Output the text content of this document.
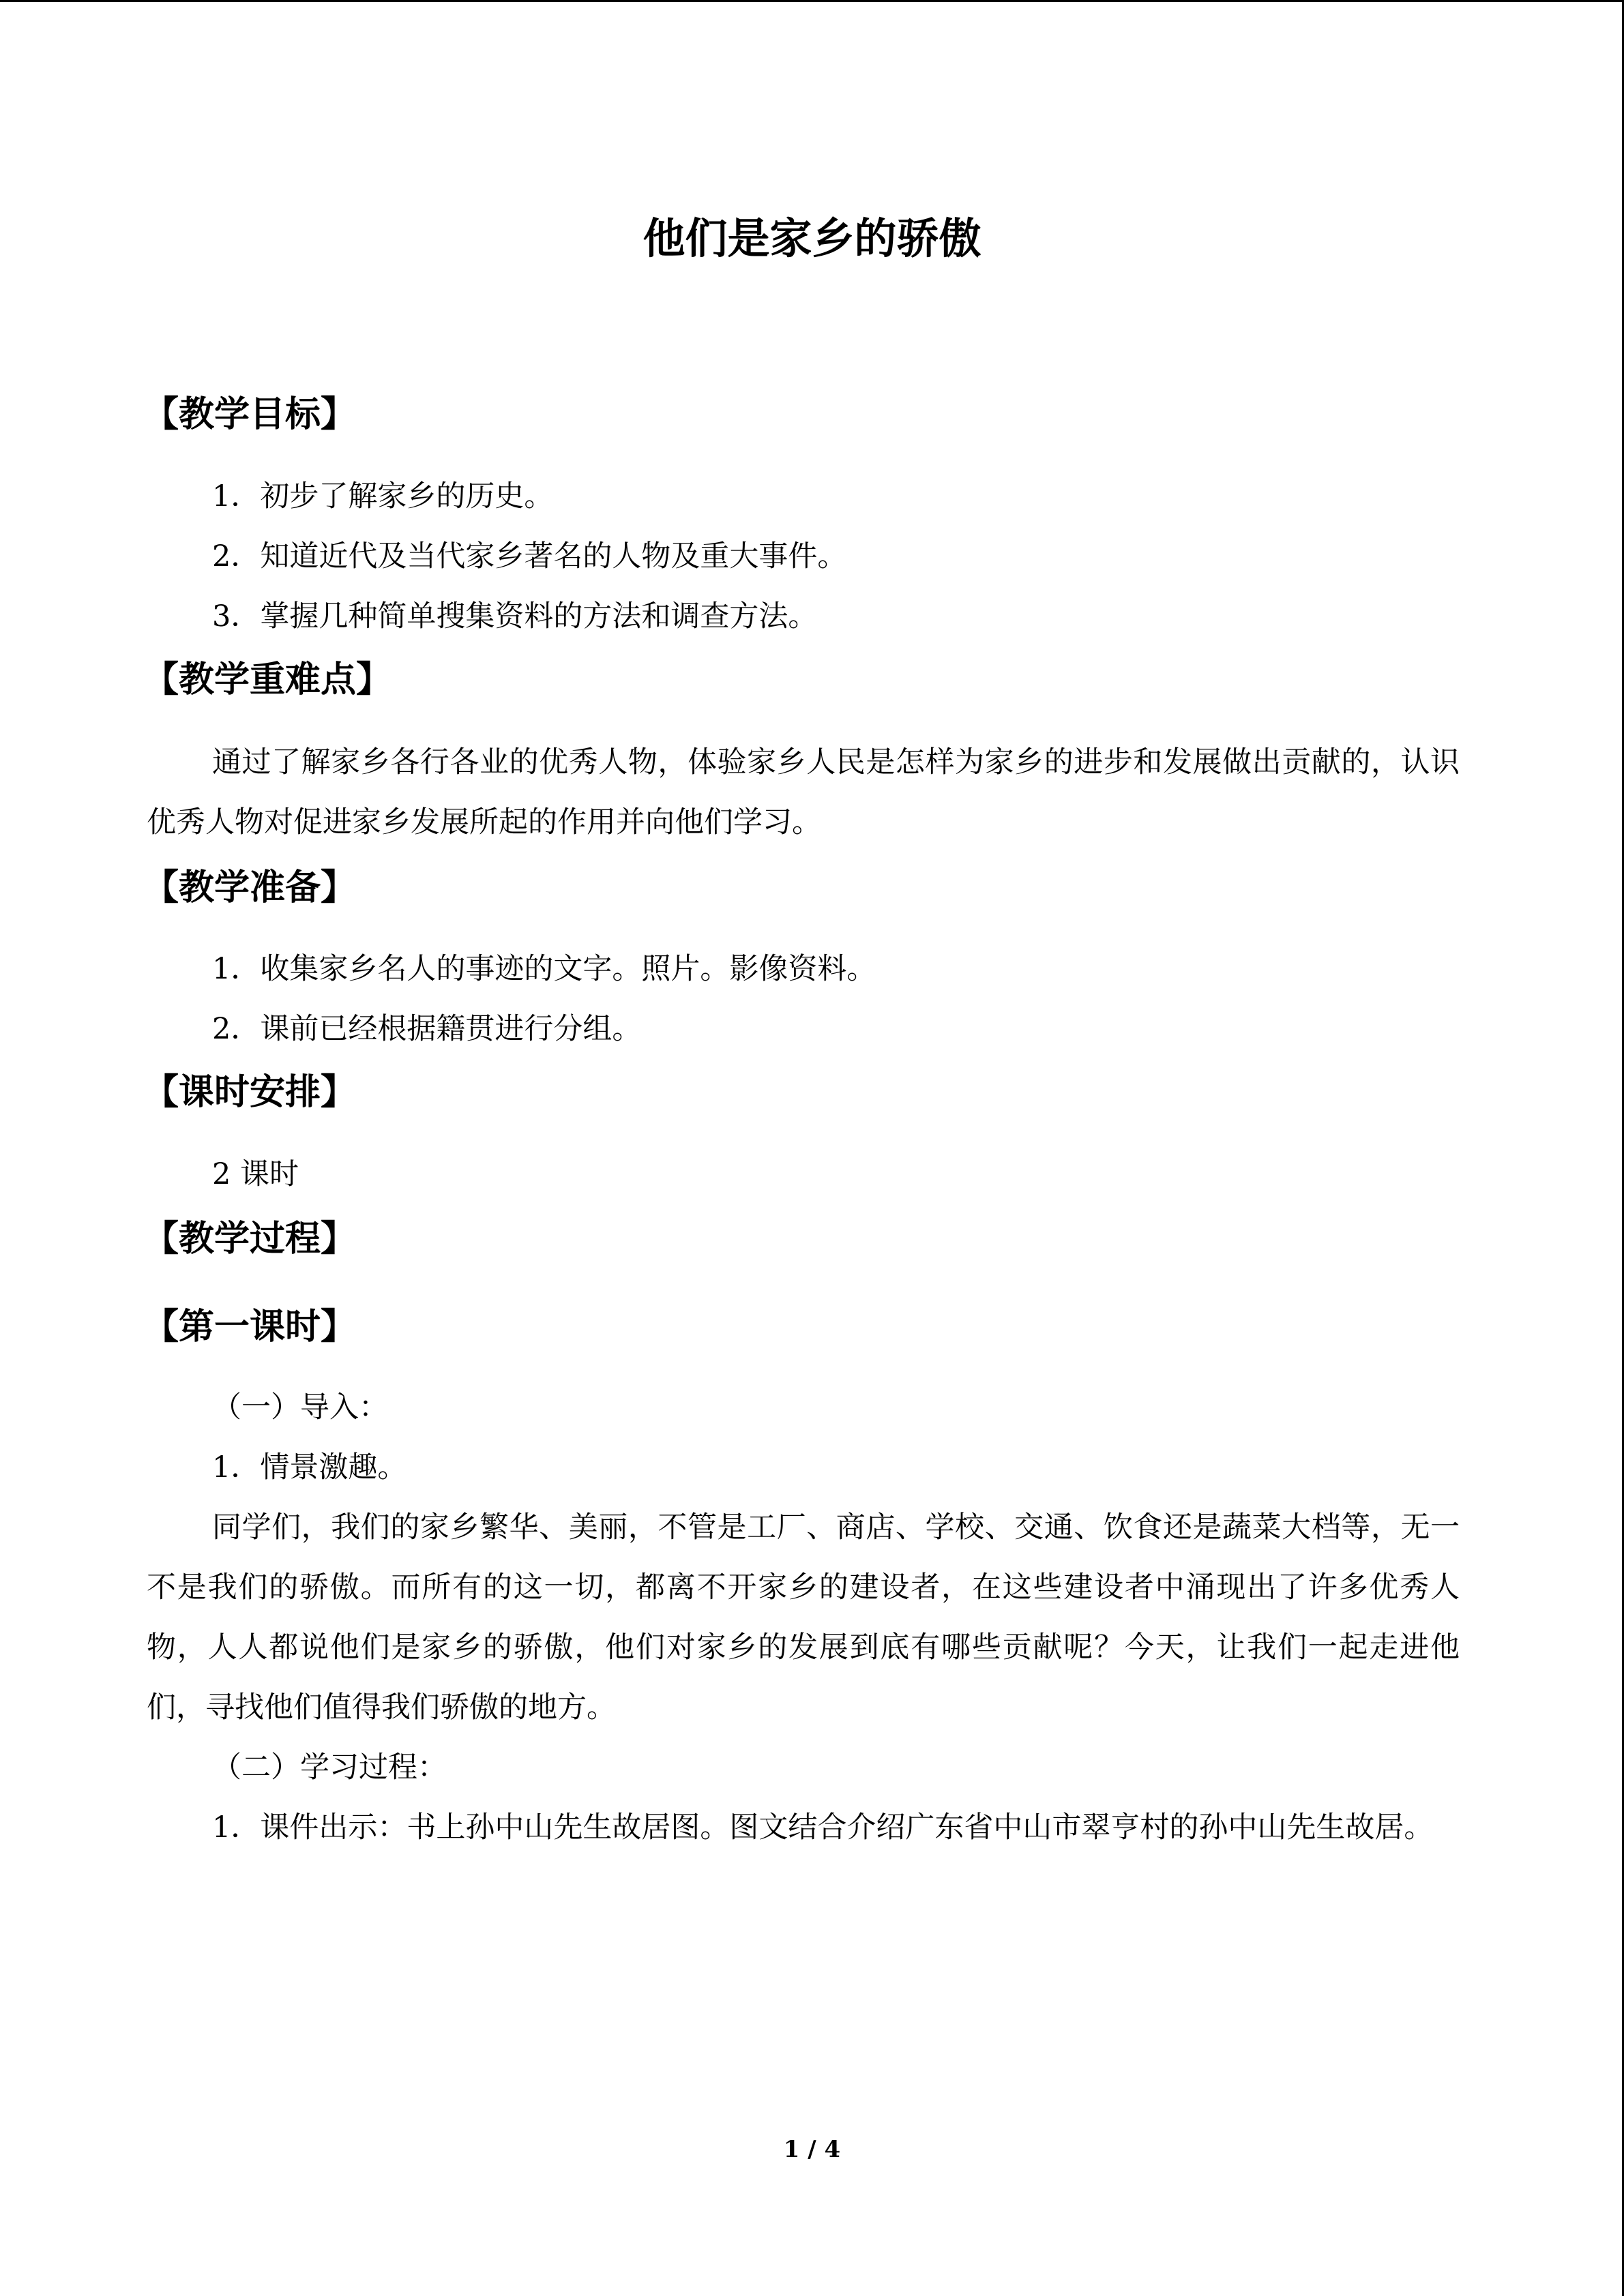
他们是家乡的骄傲
【教学目标】
1．初步了解家乡的历史。
2．知道近代及当代家乡著名的人物及重大事件。
3．掌握几种简单搜集资料的方法和调查方法。
【教学重难点】
通过了解家乡各行各业的优秀人物，体验家乡人民是怎样为家乡的进步和发展做出贡献的，认识优秀人物对促进家乡发展所起的作用并向他们学习。
【教学准备】
1．收集家乡名人的事迹的文字。照片。影像资料。
2．课前已经根据籍贯进行分组。
【课时安排】
2 课时
【教学过程】
【第一课时】
（一）导入：
1．情景激趣。
同学们，我们的家乡繁华、美丽，不管是工厂、商店、学校、交通、饮食还是蔬菜大档等，无一不是我们的骄傲。而所有的这一切，都离不开家乡的建设者，在这些建设者中涌现出了许多优秀人物，人人都说他们是家乡的骄傲，他们对家乡的发展到底有哪些贡献呢？今天，让我们一起走进他们，寻找他们值得我们骄傲的地方。
（二）学习过程：
1．课件出示：书上孙中山先生故居图。图文结合介绍广东省中山市翠亨村的孙中山先生故居。
1 / 4
